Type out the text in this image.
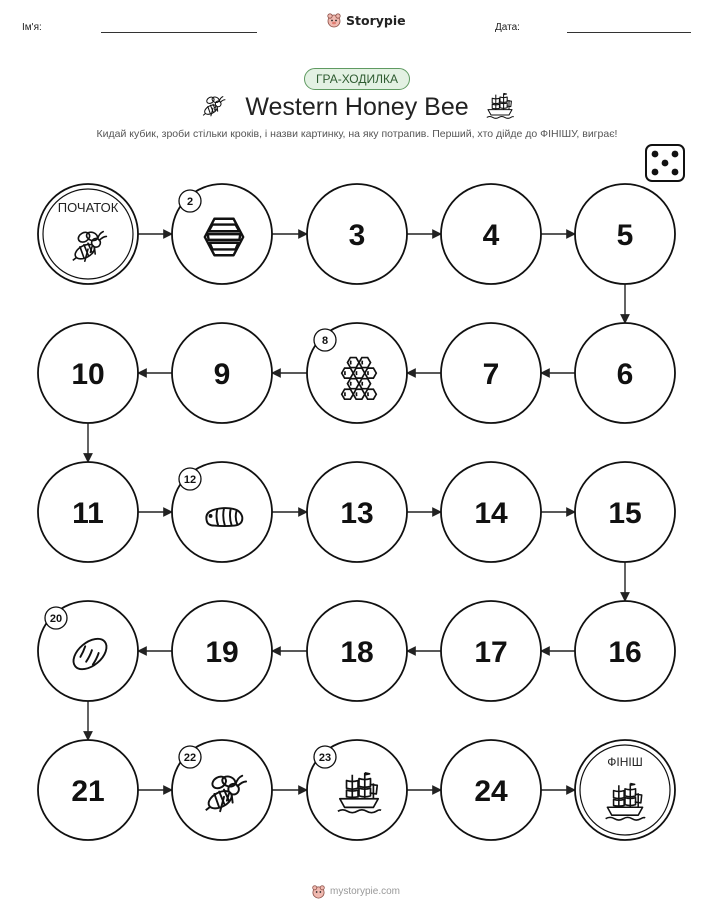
Ім'я:	Storypie	Дата:
ГРА-ХОДИЛКА
Western Honey Bee
Кидай кубик, зроби стільки кроків, і назви картинку, на яку потрапив. Перший, хто дійде до ФІНІШУ, виграє!
ПОЧАТОК	2
3	4	5
6
7
8
9
10
11
12
13	14	15
16
17
18
19
20
21
22	23
24
ФІНІШ
mystorypie.com
